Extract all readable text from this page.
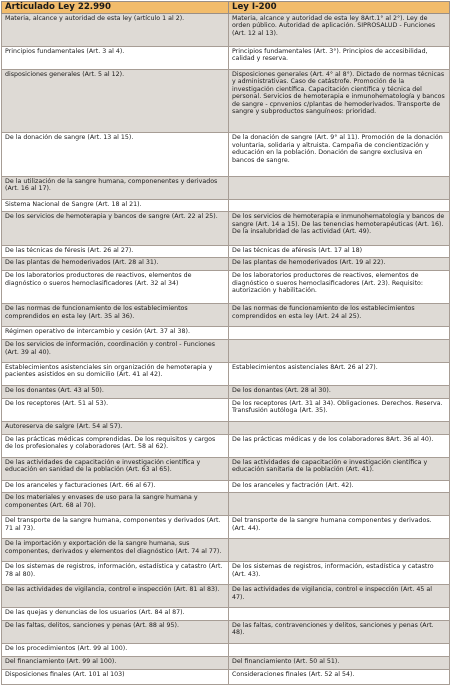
Articulado Ley 22.990	Ley I-200
Materia, alcance y autoridad de esta ley (artículo 1 al 2).	Materia, alcance y autoridad de esta ley 8Art.1° al 2°). Ley de orden público. Autoridad de aplicación. SIPROSALUD - Funciones (Art. 12 al 13).
Principios fundamentales (Art. 3 al 4).	Principios fundamentales (Art. 3°). Principios de accesibilidad, calidad y reserva.
disposiciones generales (Art. 5 al 12).	Disposiciones generales (Art. 4° al 8°). Dictado de normas técnicas y administrativas. Caso de catástrofe. Promoción de la investigación científica. Capacitación científica y técnica del personal. Servicios de hemoterapia e inmunohematología y bancos de sangre - cpnvenios c/plantas de hemoderivados. Transporte de sangre y subproductos sanguíneos: prioridad.
De la donación de sangre (Art. 13 al 15).	De la donación de sangre (Art. 9° al 11). Promoción de la donación voluntaria, solidaria y altruista. Campaña de concientización y educación en la población. Donación de sangre exclusiva en bancos de sangre.
De la utilización de la sangre humana, componenentes y derivados (Art. 16 al 17).	
Sistema Nacional de Sangre (Art. 18 al 21).	
De los servicios de hemoterapia y bancos de sangre (Art. 22 al 25).	De los servicios de hemoterapia e inmunohematología y bancos de sangre (Art. 14 a 15). De las tenencias hemoterapéuticas (Art. 16). De la insalubridad de las actividad (Art. 49).
De las técnicas de féresis (Art. 26 al 27).	De las técnicas de aféresis (Art. 17 al 18)
De las plantas de hemoderivados (Art. 28 al 31).	De las plantas de hemoderivados (Art. 19 al 22).
De los laboratorios productores de reactivos, elementos de diagnóstico o sueros hemoclasificadores (Art. 32 al 34)	De los laboratorios productores de reactivos, elementos de diagnóstico o sueros hemoclasificadores (Art. 23). Requisito: autorización y habilitación.
De las normas de funcionamiento de los establecimientos comprendidos en esta ley (Art. 35 al 36).	De las normas de funcionamiento de los establecimientos comprendidos en esta ley (Art. 24 al 25).
Régimen operativo de intercambio y cesión (Art. 37 al 38).	
De los servicios de información, coordinación y control - Funciones (Art. 39 al 40).	
Establecimientos asistenciales sin organización de hemoterapia y pacientes asistidos en su domicilio (Art. 41 al 42).	Establecimientos asistenciales 8Art. 26 al 27).
De los donantes (Art. 43 al 50).	De los donantes (Art. 28 al 30).
De los receptores (Art. 51 al 53).	De los receptores (Art. 31 al 34). Obligaciones. Derechos. Reserva. Transfusión autóloga (Art. 35).
Autoreserva de salgre (Art. 54 al 57).	
De las prácticas médicas comprendidas. De los requisitos y cargos de los profesionales y colaboradores (Art. 58 al 62).	De las prácticas médicas y de los colaboradores 8Art. 36 al 40).
De las actividades de capacitación e investigación científica y educación en sanidad de la población (Art. 63 al 65).	De las actividades de capacitación e investigación científica y educación sanitaria de la población (Art. 41).
De los aranceles y facturaciones (Art. 66 al 67).	De los aranceles y factración (Art. 42).
De los materiales y envases de uso para la sangre humana y componentes (Art. 68 al 70).	
Del transporte de la sangre humana, componentes y derivados (Art. 71 al 73).	Del transporte de la sangre humana componentes y derivados. (Art. 44).
De la importación y exportación de la sangre humana, sus componentes, derivados y elementos del diagnóstico (Art. 74 al 77).	
De los sistemas de registros, información, estadística y catastro (Art. 78 al 80).	De los sistemas de registros, información, estadística y catastro (Art. 43).
De las actividades de vigilancia, control e inspección (Art. 81 al 83).	De las actividades de vigilancia, control e inspección (Art. 45 al 47).
De las quejas y denuncias de los usuarios (Art. 84 al 87).	
De las faltas, delitos, sanciones y penas (Art. 88 al 95).	De las faltas, contravenciones y delitos, sanciones y penas (Art. 48).
De los procedimientos (Art. 99 al 100).	
Del financiamiento (Art. 99 al 100).	Del financiamiento (Art. 50 al 51).
Disposiciones finales (Art. 101 al 103)	Consideraciones finales (Art. 52 al 54).
